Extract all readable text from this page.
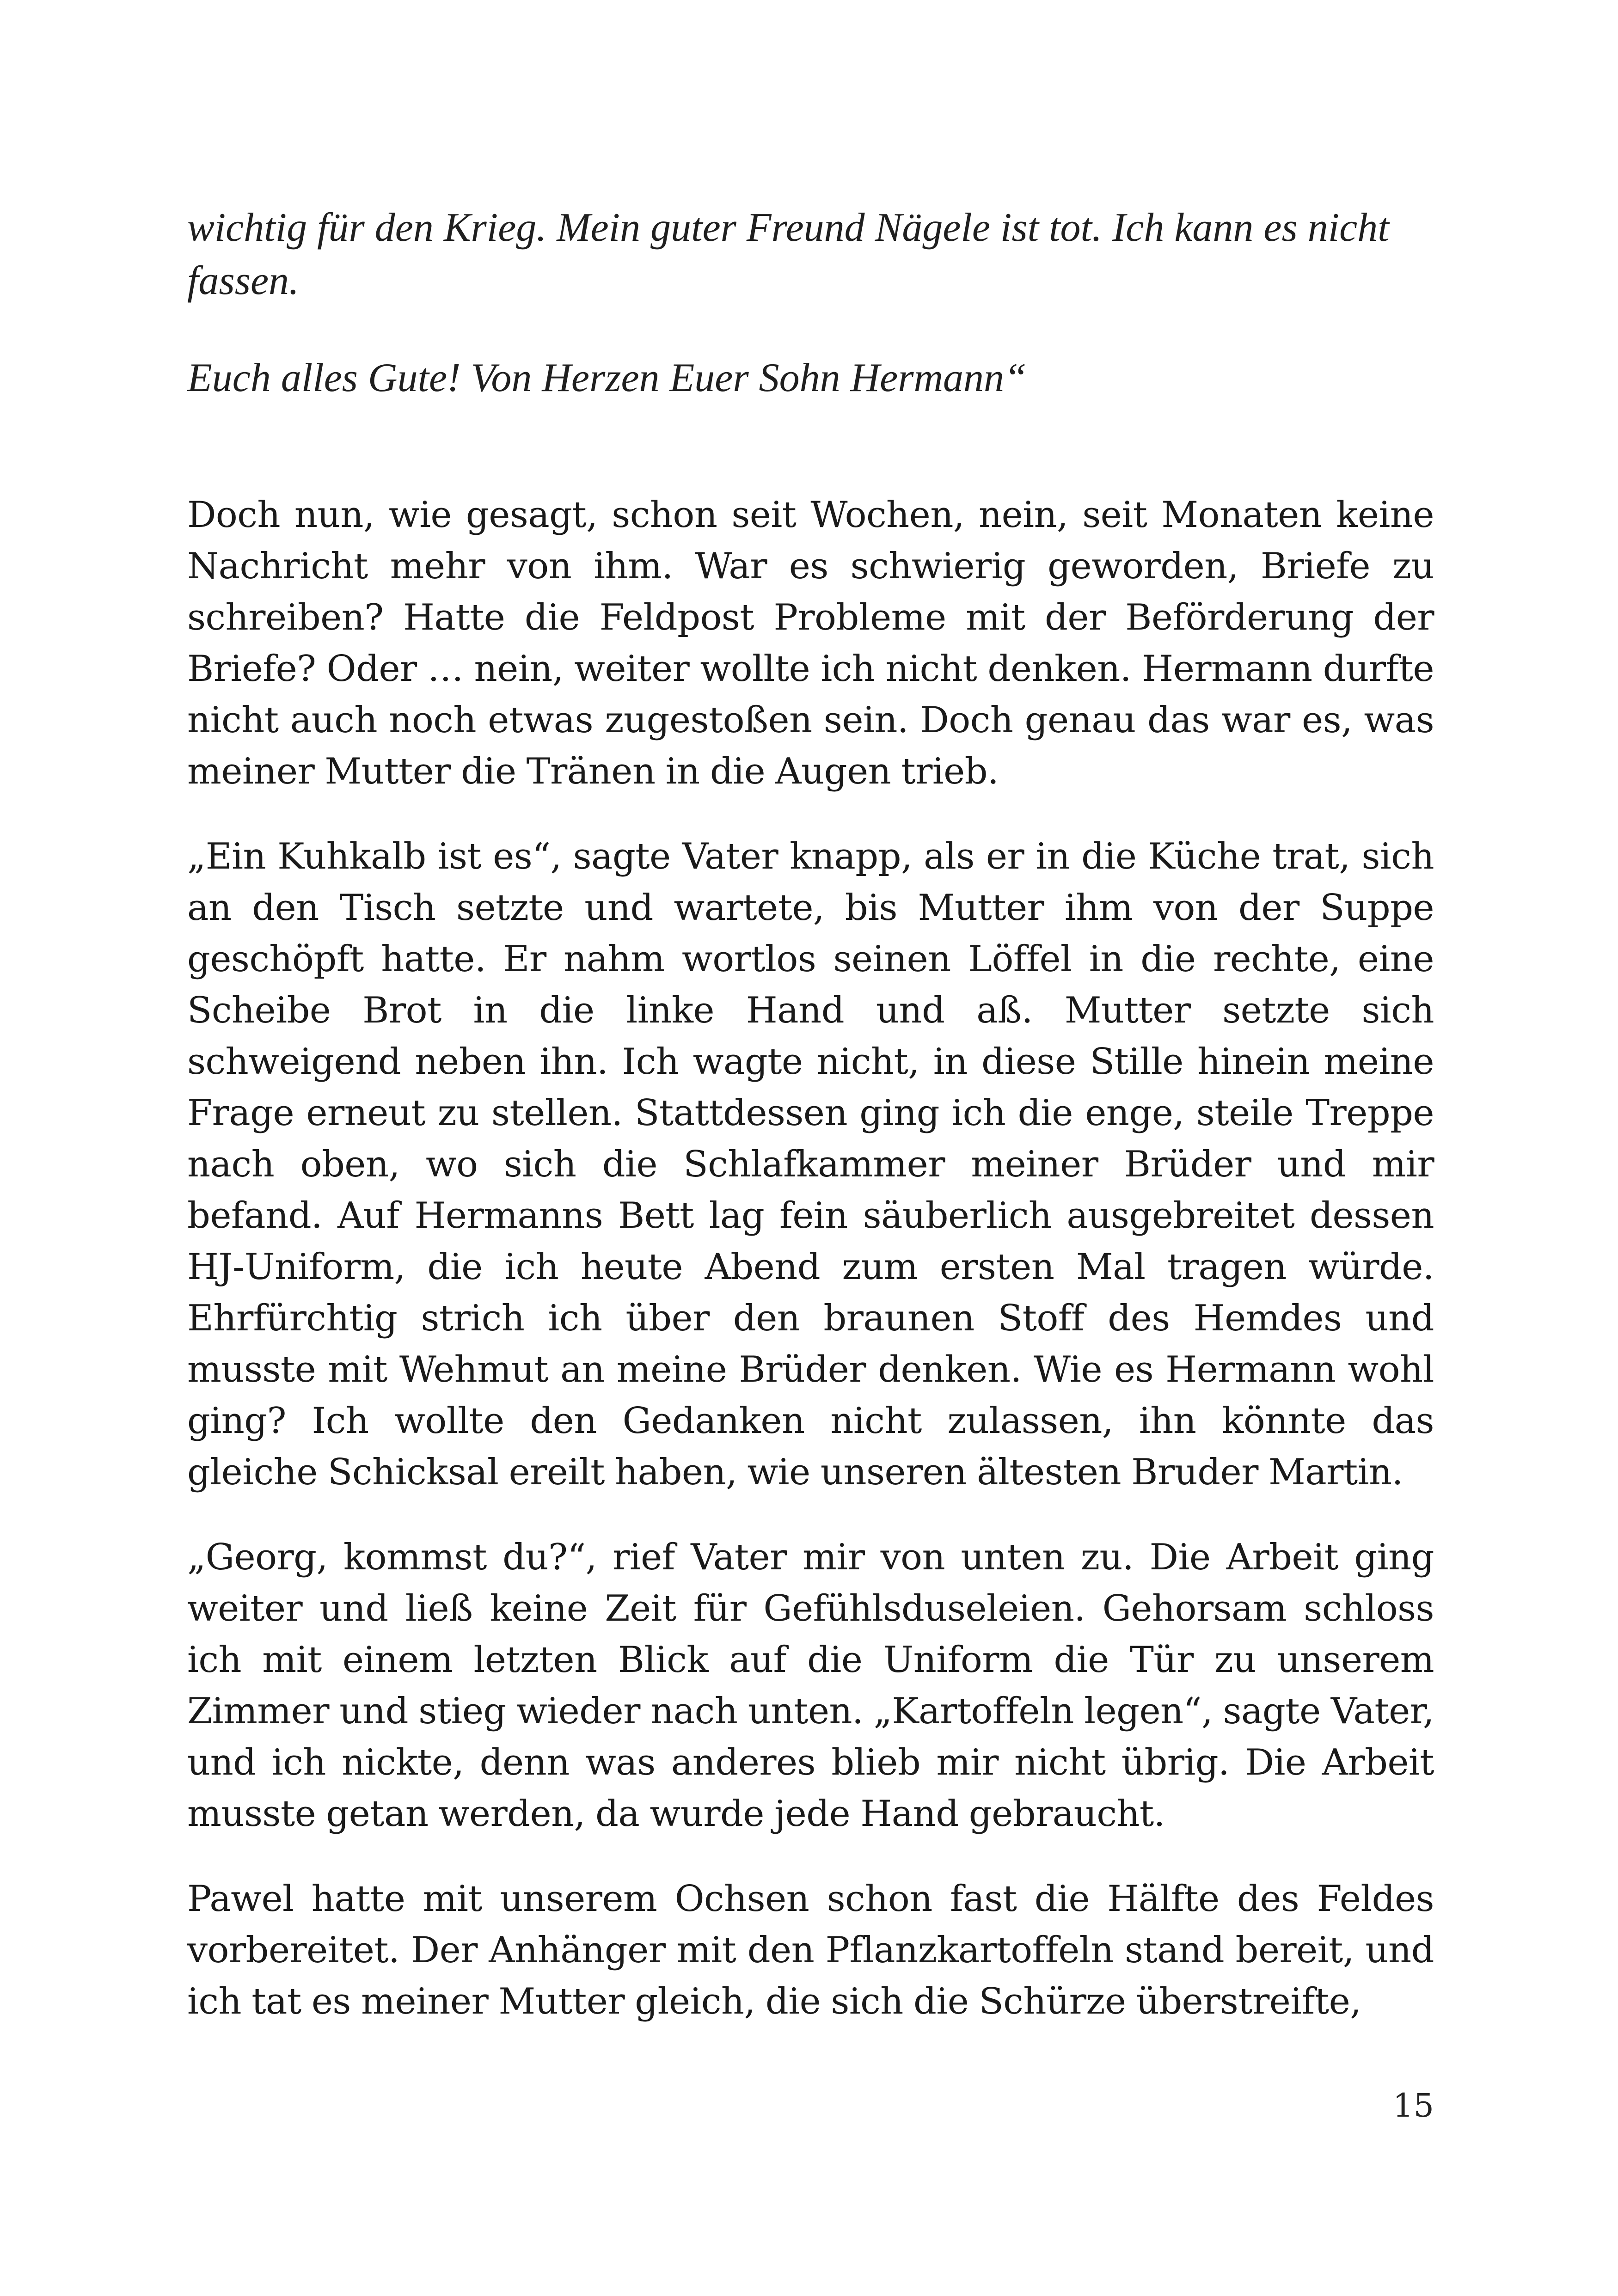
wichtig für den Krieg. Mein guter Freund Nägele ist tot. Ich kann es nicht fassen.

Euch alles Gute! Von Herzen Euer Sohn Hermann“

Doch nun, wie gesagt, schon seit Wochen, nein, seit Monaten keine Nachricht mehr von ihm. War es schwierig geworden, Briefe zu schreiben? Hatte die Feldpost Probleme mit der Beförderung der Briefe? Oder … nein, weiter wollte ich nicht denken. Hermann durfte nicht auch noch etwas zugestoßen sein. Doch genau das war es, was meiner Mutter die Tränen in die Augen trieb.

„Ein Kuhkalb ist es“, sagte Vater knapp, als er in die Küche trat, sich an den Tisch setzte und wartete, bis Mutter ihm von der Suppe geschöpft hatte. Er nahm wortlos seinen Löffel in die rechte, eine Scheibe Brot in die linke Hand und aß. Mutter setzte sich schweigend neben ihn. Ich wagte nicht, in diese Stille hinein meine Frage erneut zu stellen. Stattdessen ging ich die enge, steile Treppe nach oben, wo sich die Schlafkammer meiner Brüder und mir befand. Auf Hermanns Bett lag fein säuberlich ausgebreitet dessen HJ-Uniform, die ich heute Abend zum ersten Mal tragen würde. Ehrfürchtig strich ich über den braunen Stoff des Hemdes und musste mit Wehmut an meine Brüder denken. Wie es Hermann wohl ging? Ich wollte den Gedanken nicht zulassen, ihn könnte das gleiche Schicksal ereilt haben, wie unseren ältesten Bruder Martin.

„Georg, kommst du?“, rief Vater mir von unten zu. Die Arbeit ging weiter und ließ keine Zeit für Gefühlsduseleien. Gehorsam schloss ich mit einem letzten Blick auf die Uniform die Tür zu unserem Zimmer und stieg wieder nach unten. „Kartoffeln legen“, sagte Vater, und ich nickte, denn was anderes blieb mir nicht übrig. Die Arbeit musste getan werden, da wurde jede Hand gebraucht.

Pawel hatte mit unserem Ochsen schon fast die Hälfte des Feldes vorbereitet. Der Anhänger mit den Pflanzkartoffeln stand bereit, und ich tat es meiner Mutter gleich, die sich die Schürze überstreifte,

15
